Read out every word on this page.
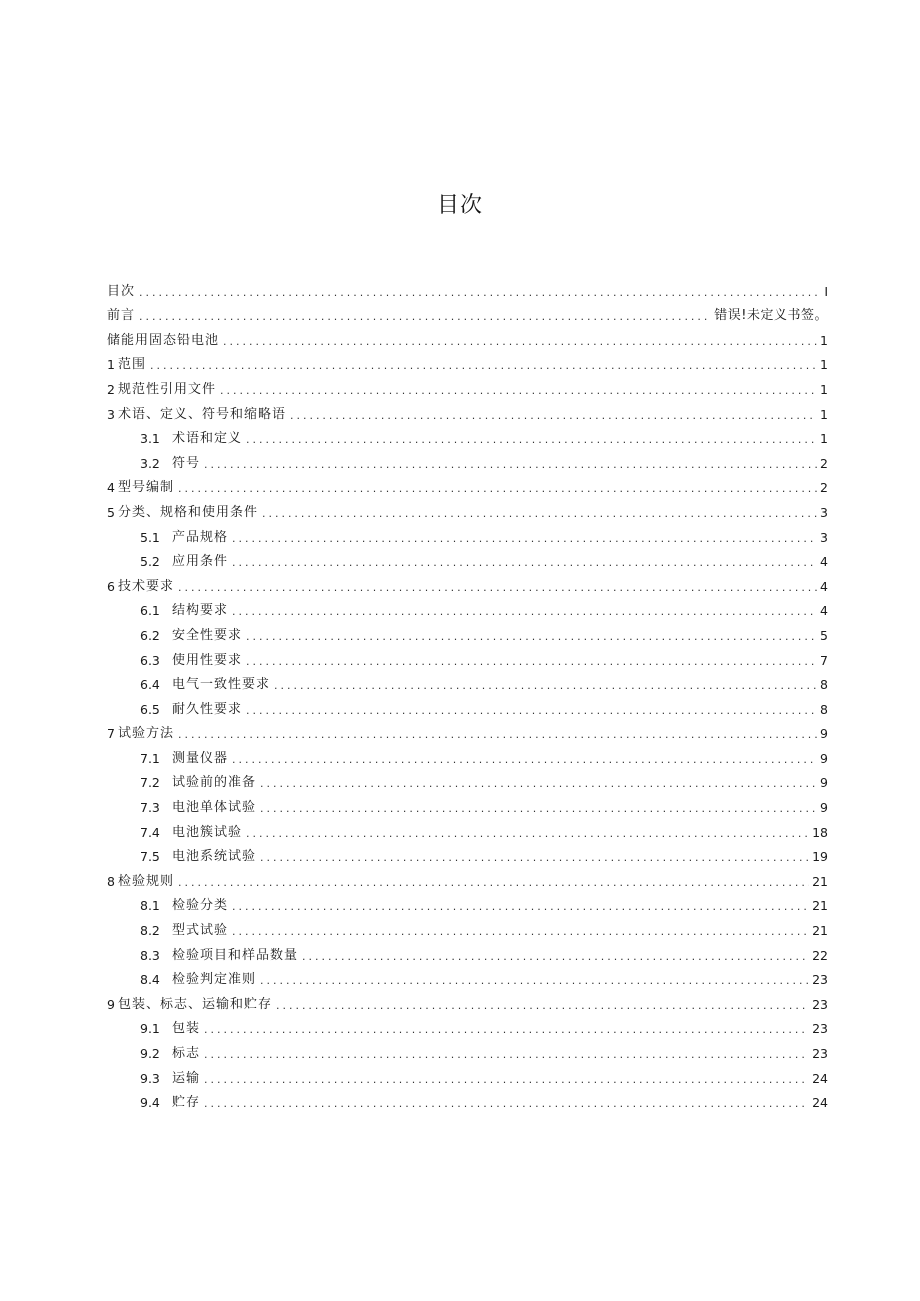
目次
目次 . . .	I
前言 . . .	错误!未定义书签。
储能用固态铅电池 . . .	1
1 范围 . . .	1
2 规范性引用文件 . . .	1
3 术语、定义、符号和缩略语 . . .	1
3.1 术语和定义 . . .	1
3.2 符号 . . .	2
4 型号编制 . . .	2
5 分类、规格和使用条件 . . .	3
5.1 产品规格 . . .	3
5.2 应用条件 . . .	4
6 技术要求 . . .	4
6.1 结构要求 . . .	4
6.2 安全性要求 . . .	5
6.3 使用性要求 . . .	7
6.4 电气一致性要求 . . .	8
6.5 耐久性要求 . . .	8
7 试验方法 . . .	9
7.1 测量仪器 . . .	9
7.2 试验前的准备 . . .	9
7.3 电池单体试验 . . .	9
7.4 电池簇试验 . . .	18
7.5 电池系统试验 . . .	19
8 检验规则 . . .	21
8.1 检验分类 . . .	21
8.2 型式试验 . . .	21
8.3 检验项目和样品数量 . . .	22
8.4 检验判定准则 . . .	23
9 包装、标志、运输和贮存 . . .	23
9.1 包装 . . .	23
9.2 标志 . . .	23
9.3 运输 . . .	24
9.4 贮存 . . .	24
